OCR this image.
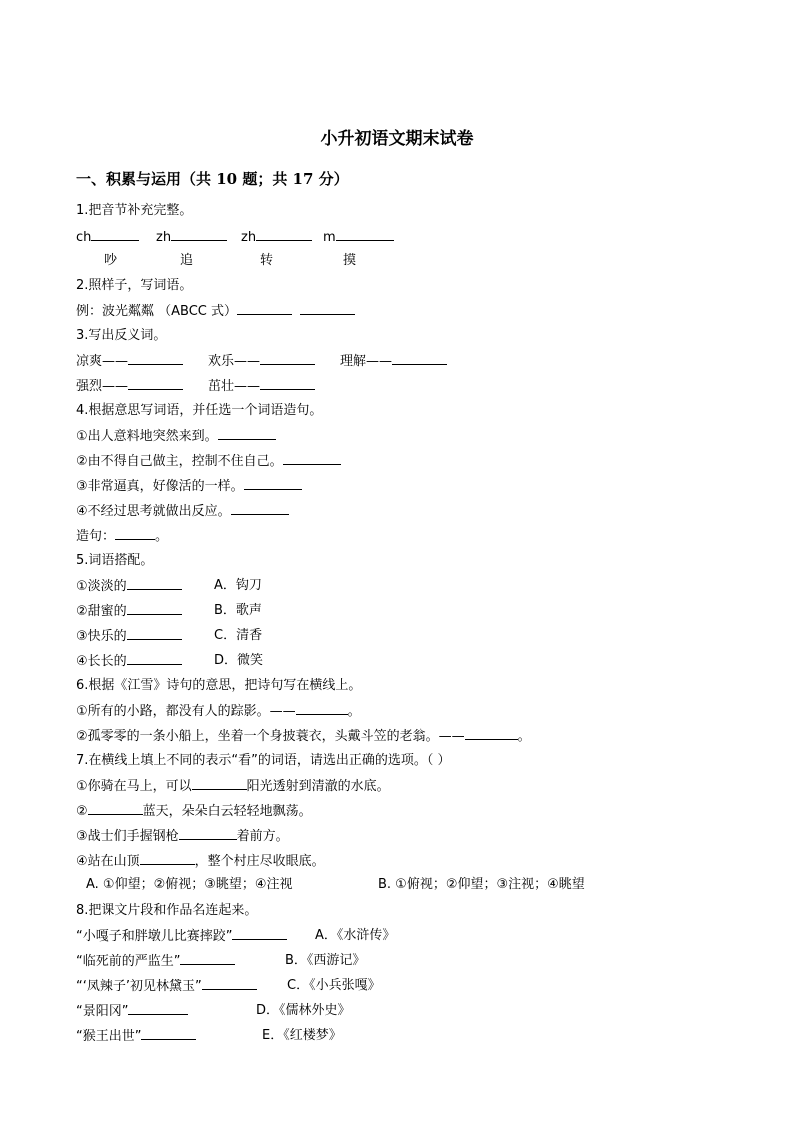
小升初语文期末试卷
一、积累与运用（共 10 题；共 17 分）
1.把音节补充完整。
ch	zh	zh	m
吵	追	转	摸
2.照样子，写词语。
例：波光粼粼 （ABCC 式）
3.写出反义词。
凉爽——	欢乐——	理解——
强烈——	茁壮——
4.根据意思写词语，并任选一个词语造句。
①出人意料地突然来到。
②由不得自己做主，控制不住自己。
③非常逼真，好像活的一样。
④不经过思考就做出反应。
造句：	。
5.词语搭配。
①淡淡的	A．钩刀
②甜蜜的	B．歌声
③快乐的	C．清香
④长长的	D．微笑
6.根据《江雪》诗句的意思，把诗句写在横线上。
①所有的小路，都没有人的踪影。——	。
②孤零零的一条小船上，坐着一个身披蓑衣，头戴斗笠的老翁。——	。
7.在横线上填上不同的表示“看”的词语，请选出正确的选项。（ ）
①你骑在马上，可以	阳光透射到清澈的水底。
②	蓝天，朵朵白云轻轻地飘荡。
③战士们手握钢枪	着前方。
④站在山顶	，整个村庄尽收眼底。
A. ①仰望；②俯视；③眺望；④注视	B. ①俯视；②仰望；③注视；④眺望
8.把课文片段和作品名连起来。
“小嘎子和胖墩儿比赛摔跤”	A．《水浒传》
“临死前的严监生”	B．《西游记》
“‘凤辣子’初见林黛玉”	C．《小兵张嘎》
“景阳冈”	D．《儒林外史》
“猴王出世”	E．《红楼梦》
